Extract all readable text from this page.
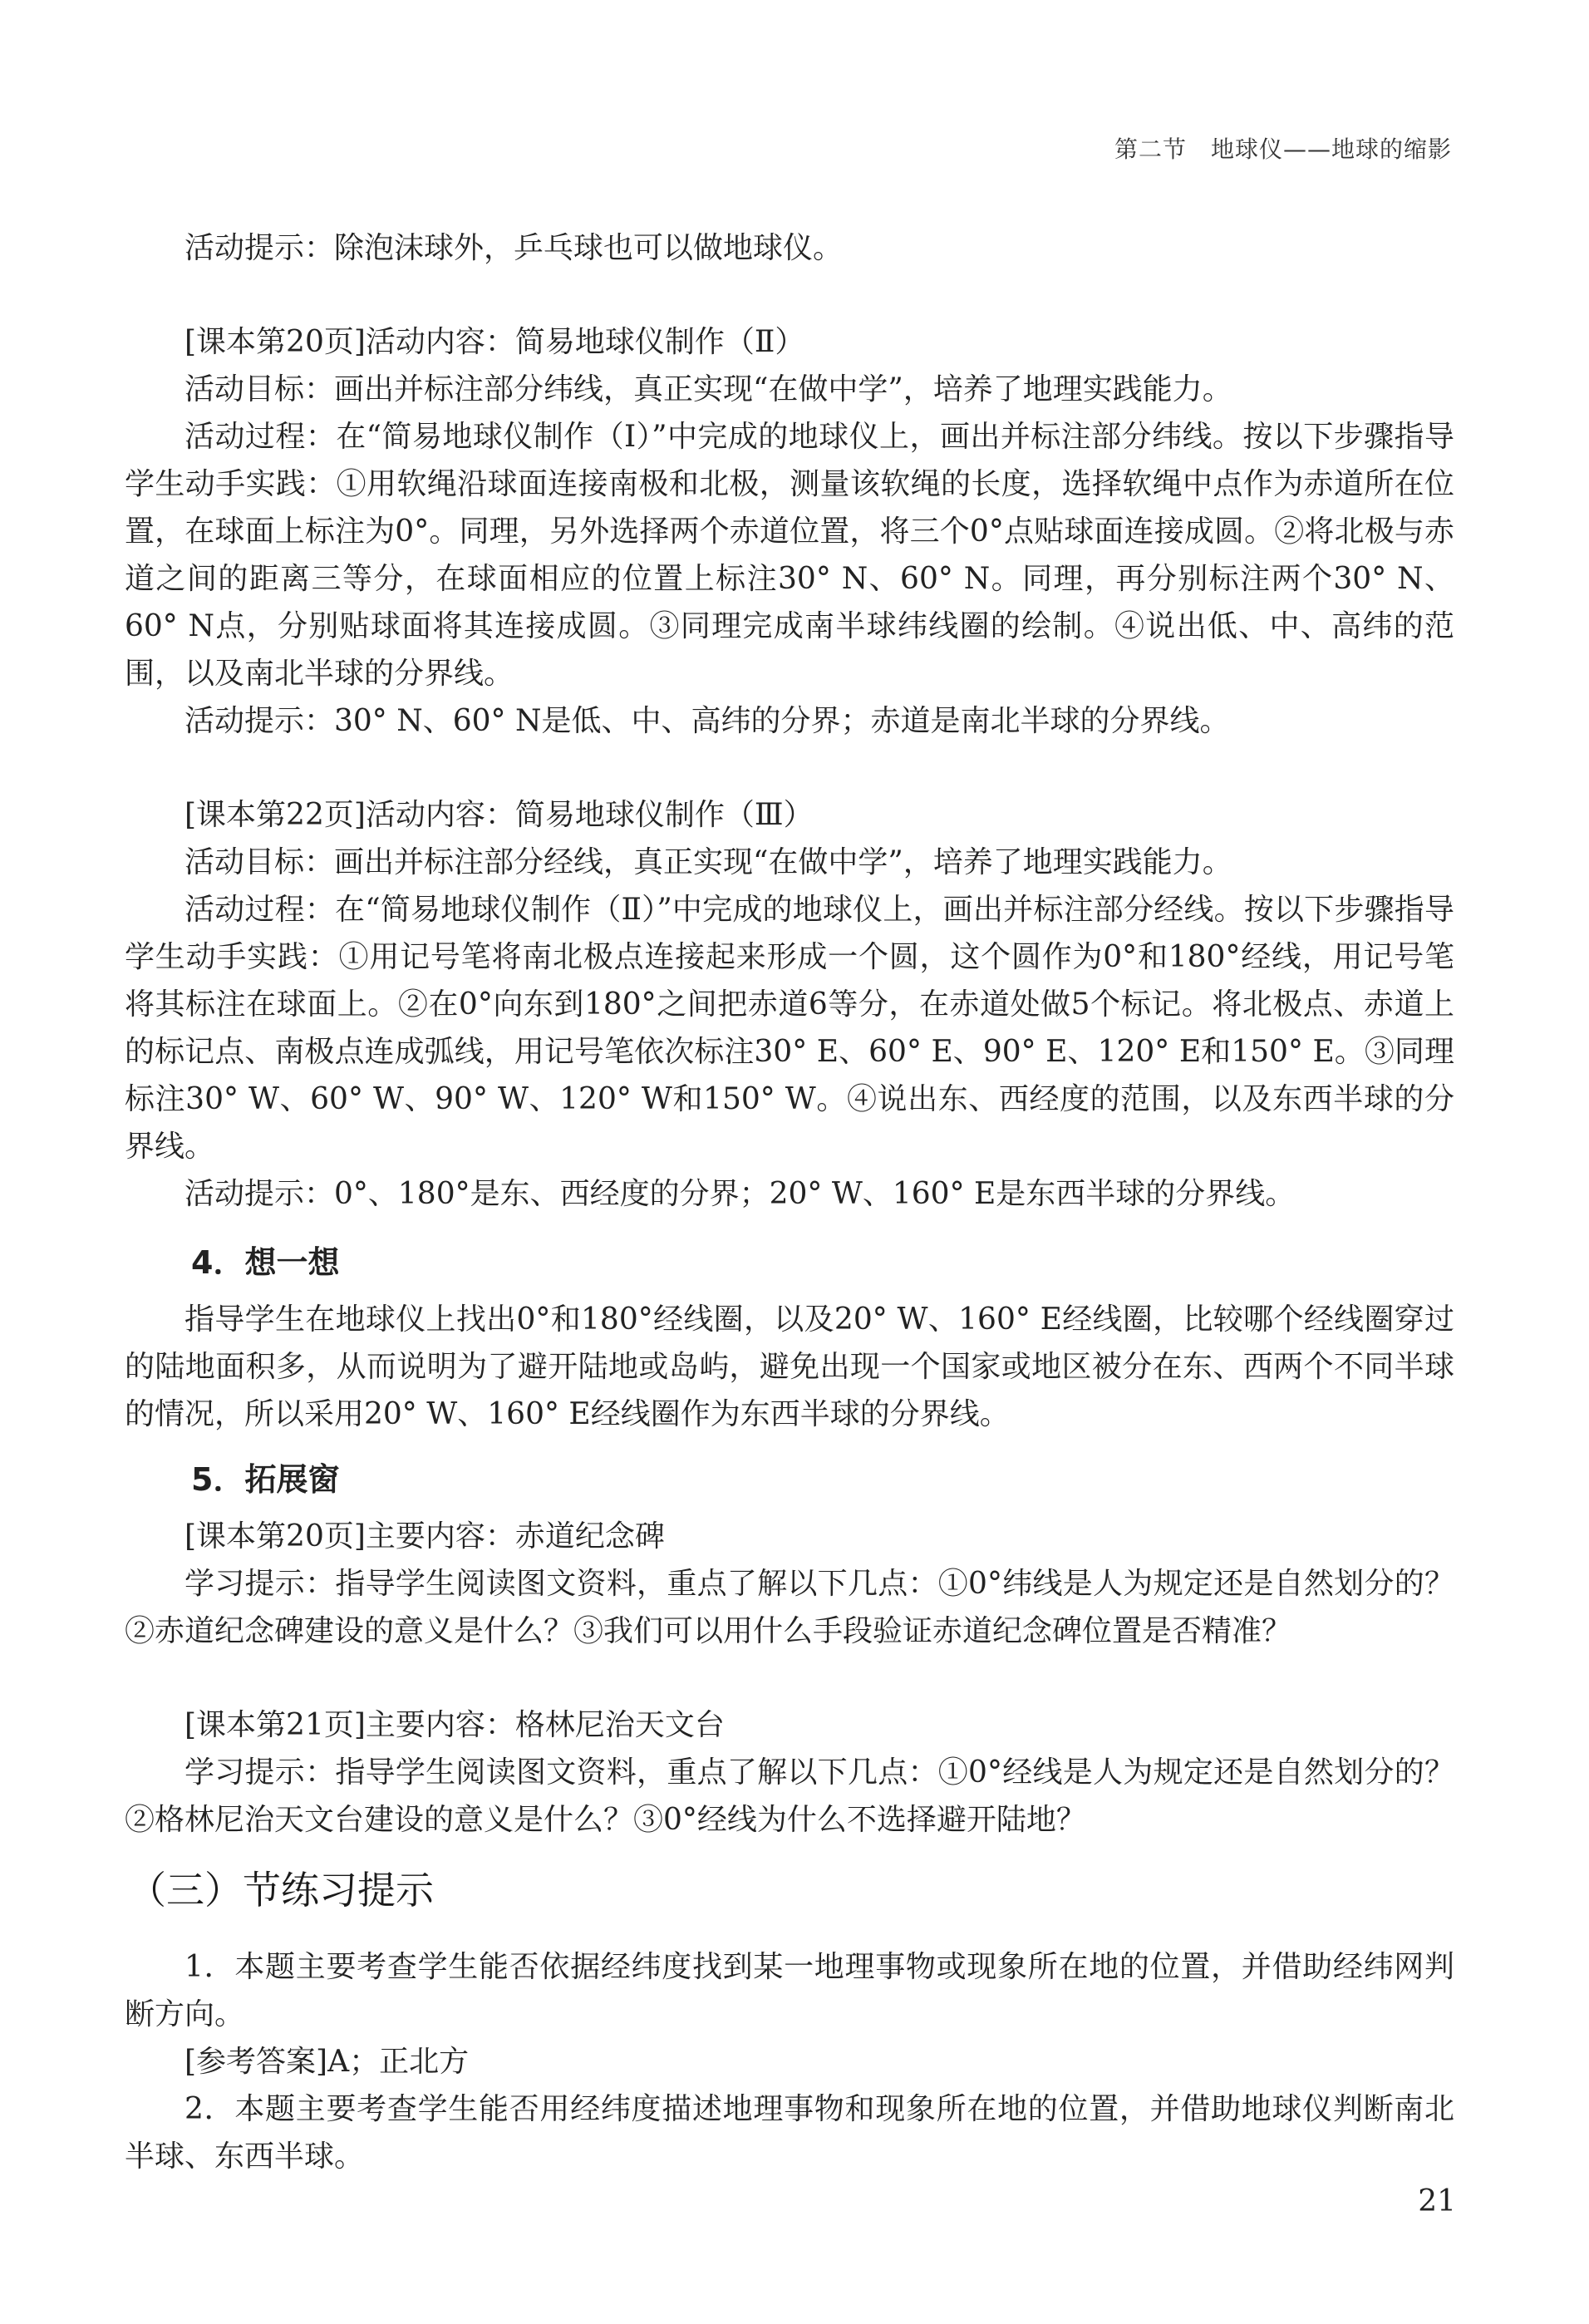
第二节　地球仪——地球的缩影

活动提示：除泡沫球外，乒乓球也可以做地球仪。

[课本第20页]活动内容：简易地球仪制作（Ⅱ）

活动目标：画出并标注部分纬线，真正实现“在做中学”，培养了地理实践能力。

活动过程：在“简易地球仪制作（Ⅰ）”中完成的地球仪上，画出并标注部分纬线。按以下步骤指导学生动手实践：①用软绳沿球面连接南极和北极，测量该软绳的长度，选择软绳中点作为赤道所在位置，在球面上标注为0°。同理，另外选择两个赤道位置，将三个0°点贴球面连接成圆。②将北极与赤道之间的距离三等分，在球面相应的位置上标注30° N、60° N。同理，再分别标注两个30° N、60° N点，分别贴球面将其连接成圆。③同理完成南半球纬线圈的绘制。④说出低、中、高纬的范围，以及南北半球的分界线。

活动提示：30° N、60° N是低、中、高纬的分界；赤道是南北半球的分界线。

[课本第22页]活动内容：简易地球仪制作（Ⅲ）

活动目标：画出并标注部分经线，真正实现“在做中学”，培养了地理实践能力。

活动过程：在“简易地球仪制作（Ⅱ）”中完成的地球仪上，画出并标注部分经线。按以下步骤指导学生动手实践：①用记号笔将南北极点连接起来形成一个圆，这个圆作为0°和180°经线，用记号笔将其标注在球面上。②在0°向东到180°之间把赤道6等分，在赤道处做5个标记。将北极点、赤道上的标记点、南极点连成弧线，用记号笔依次标注30° E、60° E、90° E、120° E和150° E。③同理标注30° W、60° W、90° W、120° W和150° W。④说出东、西经度的范围，以及东西半球的分界线。

活动提示：0°、180°是东、西经度的分界；20° W、160° E是东西半球的分界线。

4．想一想

指导学生在地球仪上找出0°和180°经线圈，以及20° W、160° E经线圈，比较哪个经线圈穿过的陆地面积多，从而说明为了避开陆地或岛屿，避免出现一个国家或地区被分在东、西两个不同半球的情况，所以采用20° W、160° E经线圈作为东西半球的分界线。

5．拓展窗

[课本第20页]主要内容：赤道纪念碑

学习提示：指导学生阅读图文资料，重点了解以下几点：①0°纬线是人为规定还是自然划分的？②赤道纪念碑建设的意义是什么？③我们可以用什么手段验证赤道纪念碑位置是否精准？

[课本第21页]主要内容：格林尼治天文台

学习提示：指导学生阅读图文资料，重点了解以下几点：①0°经线是人为规定还是自然划分的？②格林尼治天文台建设的意义是什么？③0°经线为什么不选择避开陆地？

（三）节练习提示

1．本题主要考查学生能否依据经纬度找到某一地理事物或现象所在地的位置，并借助经纬网判断方向。

[参考答案]A；正北方

2．本题主要考查学生能否用经纬度描述地理事物和现象所在地的位置，并借助地球仪判断南北半球、东西半球。

21
